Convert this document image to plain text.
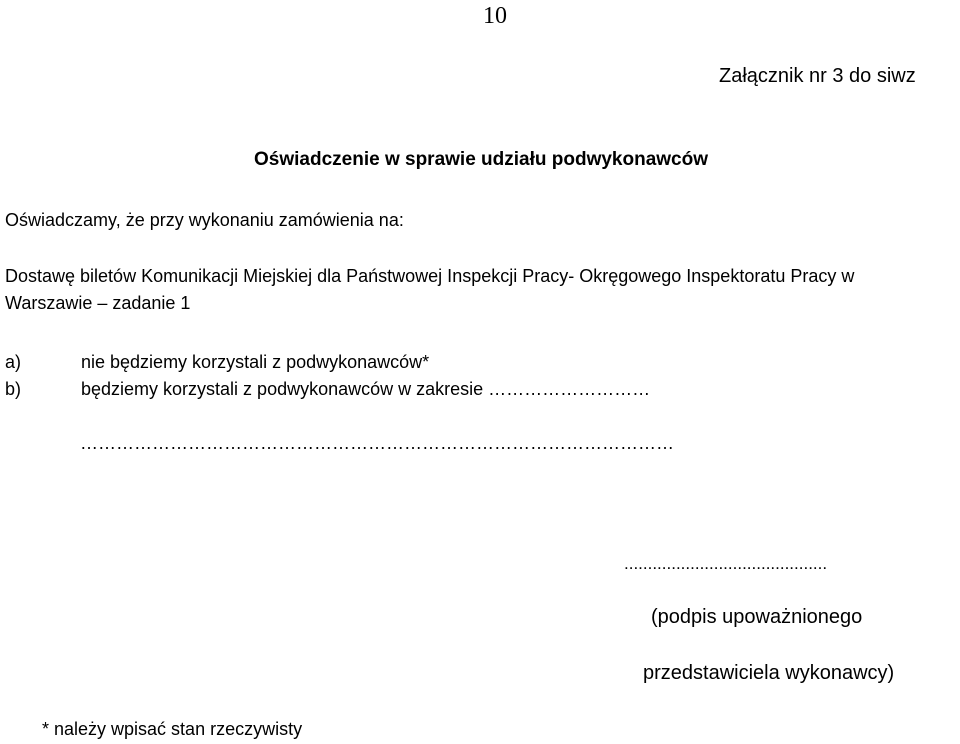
10
Załącznik nr 3 do siwz
Oświadczenie w sprawie udziału podwykonawców

Oświadczamy, że przy wykonaniu zamówienia na:

Dostawę biletów Komunikacji Miejskiej dla Państwowej Inspekcji Pracy- Okręgowego Inspektoratu Pracy w

Warszawie – zadanie 1

a)	nie będziemy korzystali z podwykonawców*
b)	będziemy korzystali z podwykonawców w zakresie ………………………
………………………………………………………………………………………
...........................................
(podpis upoważnionego
przedstawiciela wykonawcy)
* należy wpisać stan rzeczywisty
